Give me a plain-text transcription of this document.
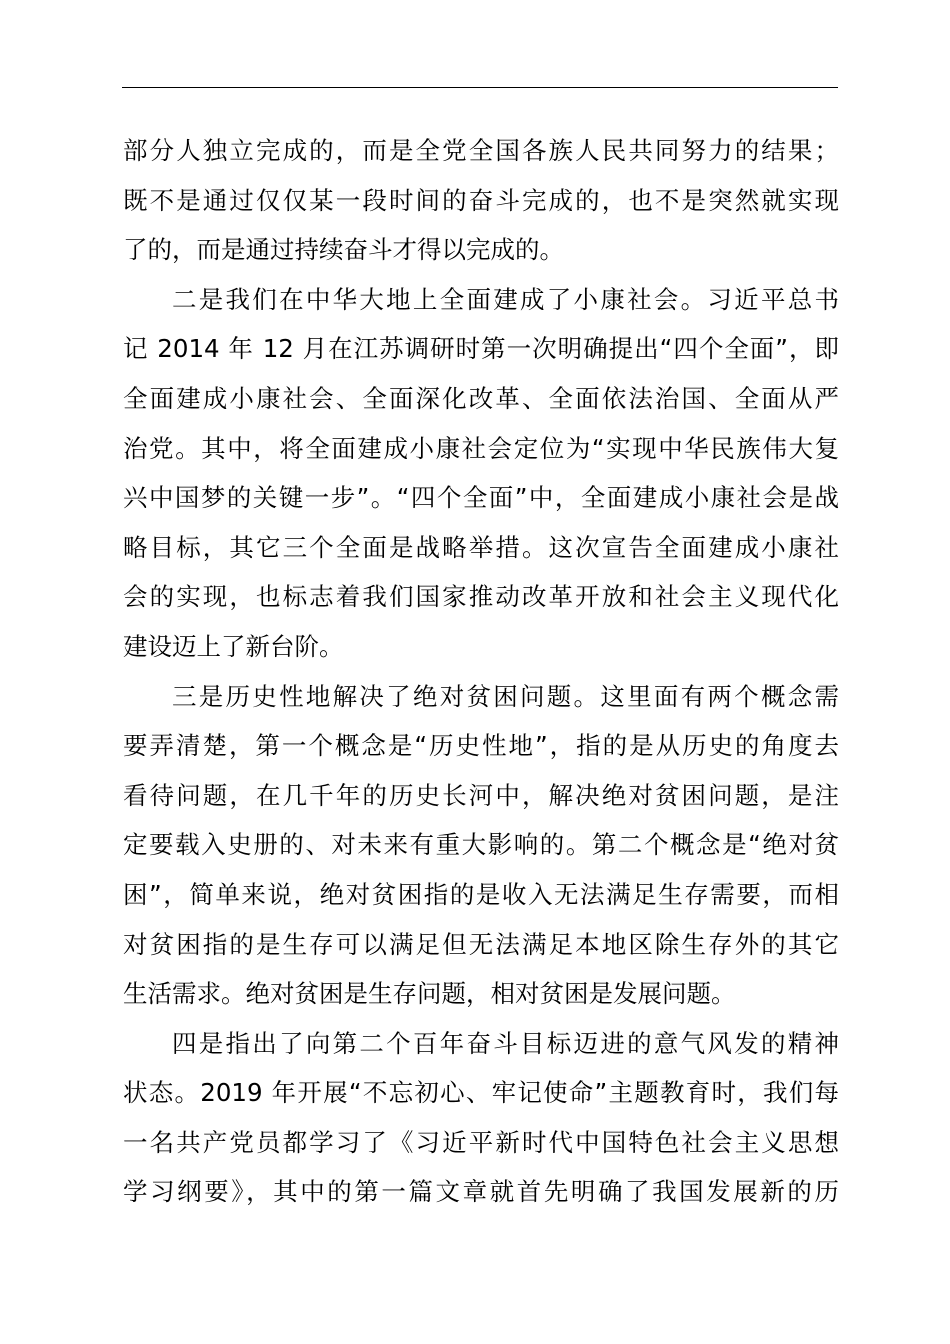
部分人独立完成的，而是全党全国各族人民共同努力的结果；
既不是通过仅仅某一段时间的奋斗完成的，也不是突然就实现
了的，而是通过持续奋斗才得以完成的。
二是我们在中华大地上全面建成了小康社会。习近平总书
记 2014 年 12 月在江苏调研时第一次明确提出“四个全面”，即
全面建成小康社会、全面深化改革、全面依法治国、全面从严
治党。其中，将全面建成小康社会定位为“实现中华民族伟大复
兴中国梦的关键一步”。“四个全面”中，全面建成小康社会是战
略目标，其它三个全面是战略举措。这次宣告全面建成小康社
会的实现，也标志着我们国家推动改革开放和社会主义现代化
建设迈上了新台阶。
三是历史性地解决了绝对贫困问题。这里面有两个概念需
要弄清楚，第一个概念是“历史性地”，指的是从历史的角度去
看待问题，在几千年的历史长河中，解决绝对贫困问题，是注
定要载入史册的、对未来有重大影响的。第二个概念是“绝对贫
困”，简单来说，绝对贫困指的是收入无法满足生存需要，而相
对贫困指的是生存可以满足但无法满足本地区除生存外的其它
生活需求。绝对贫困是生存问题，相对贫困是发展问题。
四是指出了向第二个百年奋斗目标迈进的意气风发的精神
状态。2019 年开展“不忘初心、牢记使命”主题教育时，我们每
一名共产党员都学习了《习近平新时代中国特色社会主义思想
学习纲要》，其中的第一篇文章就首先明确了我国发展新的历
